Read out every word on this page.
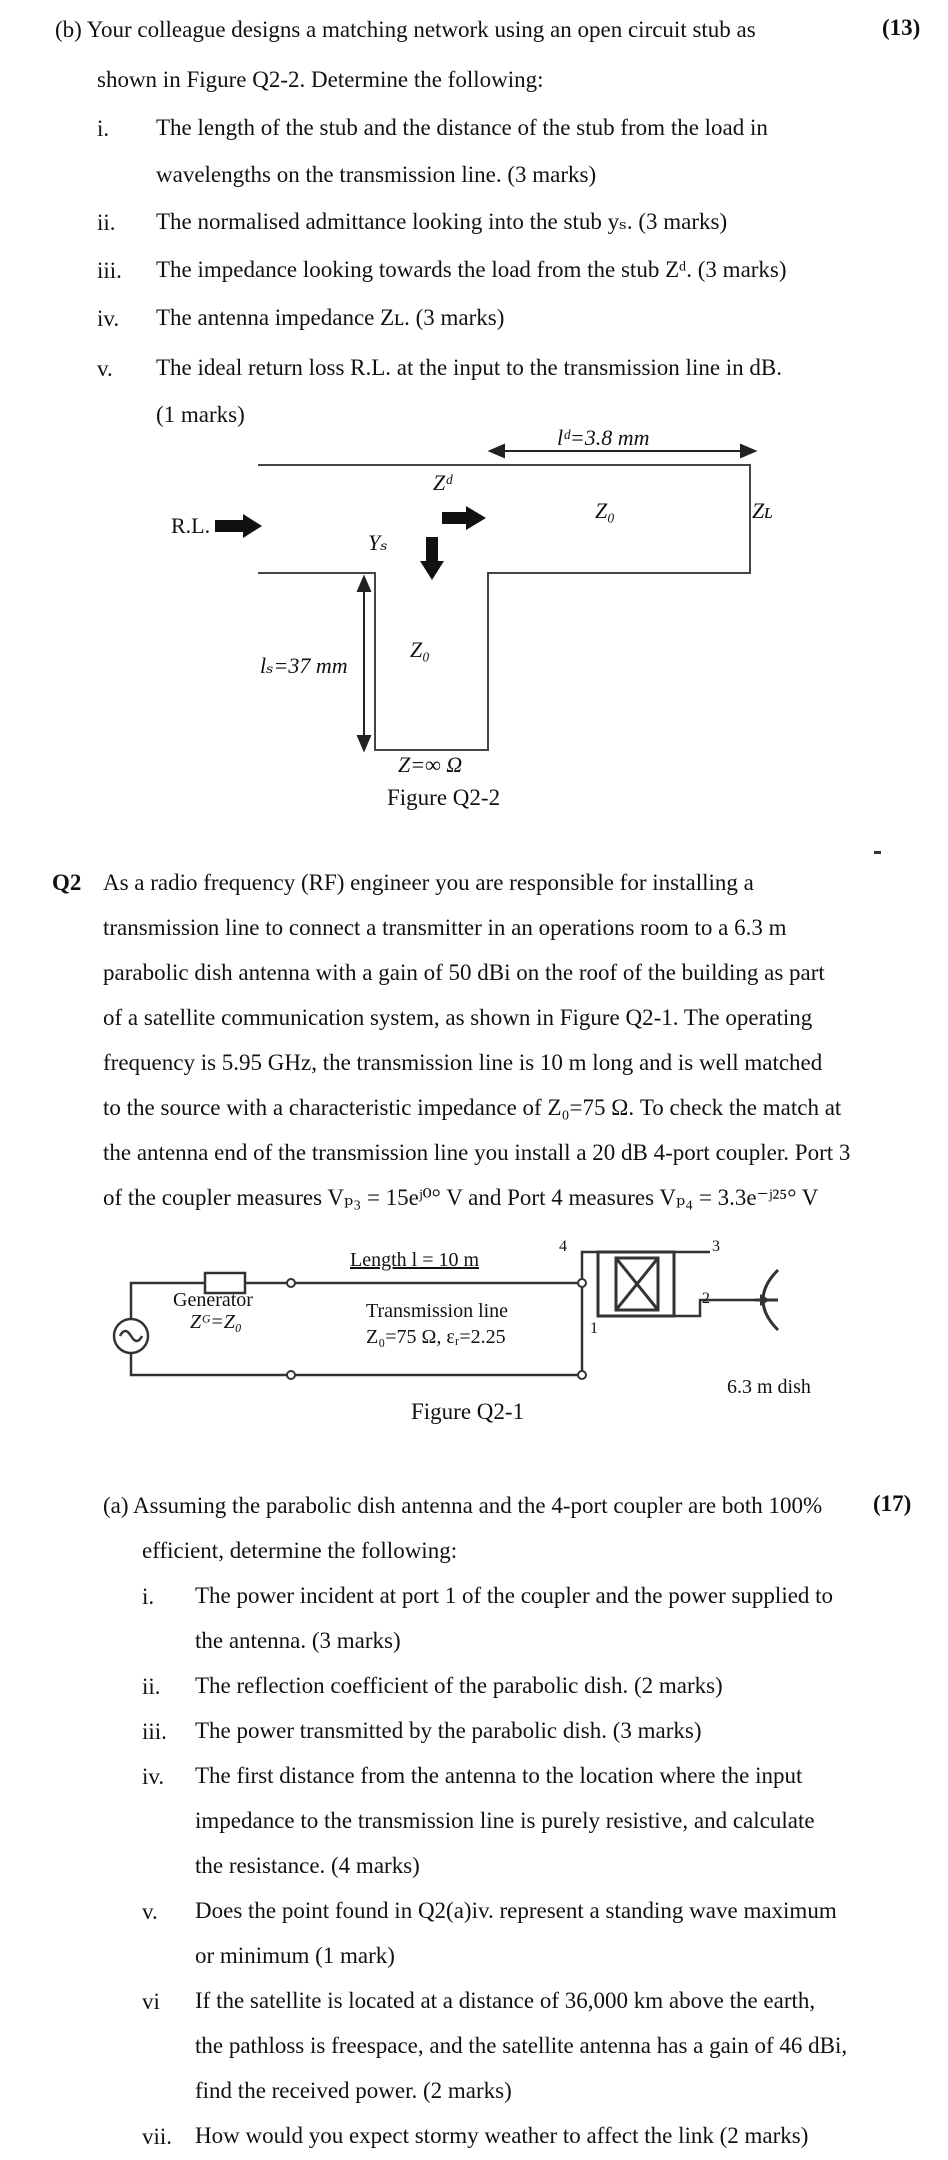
(b) Your colleague designs a matching network using an open circuit stub as	(13)
shown in Figure Q2-2. Determine the following:
i. The length of the stub and the distance of the stub from the load in
wavelengths on the transmission line. (3 marks)
ii. The normalised admittance looking into the stub yₛ. (3 marks)
iii. The impedance looking towards the load from the stub Zᵈ. (3 marks)
iv. The antenna impedance Zʟ. (3 marks)
v. The ideal return loss R.L. at the input to the transmission line in dB.
(1 marks)
lᵈ=3.8 mm
Zᵈ
Z₀	Zʟ
R.L.
Yₛ
lₛ=37 mm
Z₀
Z=∞ Ω
Figure Q2-2
Q2 As a radio frequency (RF) engineer you are responsible for installing a
transmission line to connect a transmitter in an operations room to a 6.3 m
parabolic dish antenna with a gain of 50 dBi on the roof of the building as part
of a satellite communication system, as shown in Figure Q2-1. The operating
frequency is 5.95 GHz, the transmission line is 10 m long and is well matched
to the source with a characteristic impedance of Z₀=75 Ω. To check the match at
the antenna end of the transmission line you install a 20 dB 4-port coupler. Port 3
of the coupler measures Vₚ₃ = 15eʲ⁰° V and Port 4 measures Vₚ₄ = 3.3e⁻ʲ²⁵° V
Length l = 10 m
Generator
Zᴳ=Z₀	Transmission line
Z₀=75 Ω, εᵣ=2.25	1
2
3
4
6.3 m dish
Figure Q2-1
(a) Assuming the parabolic dish antenna and the 4-port coupler are both 100% (17)
efficient, determine the following:
i. The power incident at port 1 of the coupler and the power supplied to
the antenna. (3 marks)
ii. The reflection coefficient of the parabolic dish. (2 marks)
iii. The power transmitted by the parabolic dish. (3 marks)
iv. The first distance from the antenna to the location where the input
impedance to the transmission line is purely resistive, and calculate
the resistance. (4 marks)
v. Does the point found in Q2(a)iv. represent a standing wave maximum
or minimum (1 mark)
vi If the satellite is located at a distance of 36,000 km above the earth,
the pathloss is freespace, and the satellite antenna has a gain of 46 dBi,
find the received power. (2 marks)
vii. How would you expect stormy weather to affect the link (2 marks)
